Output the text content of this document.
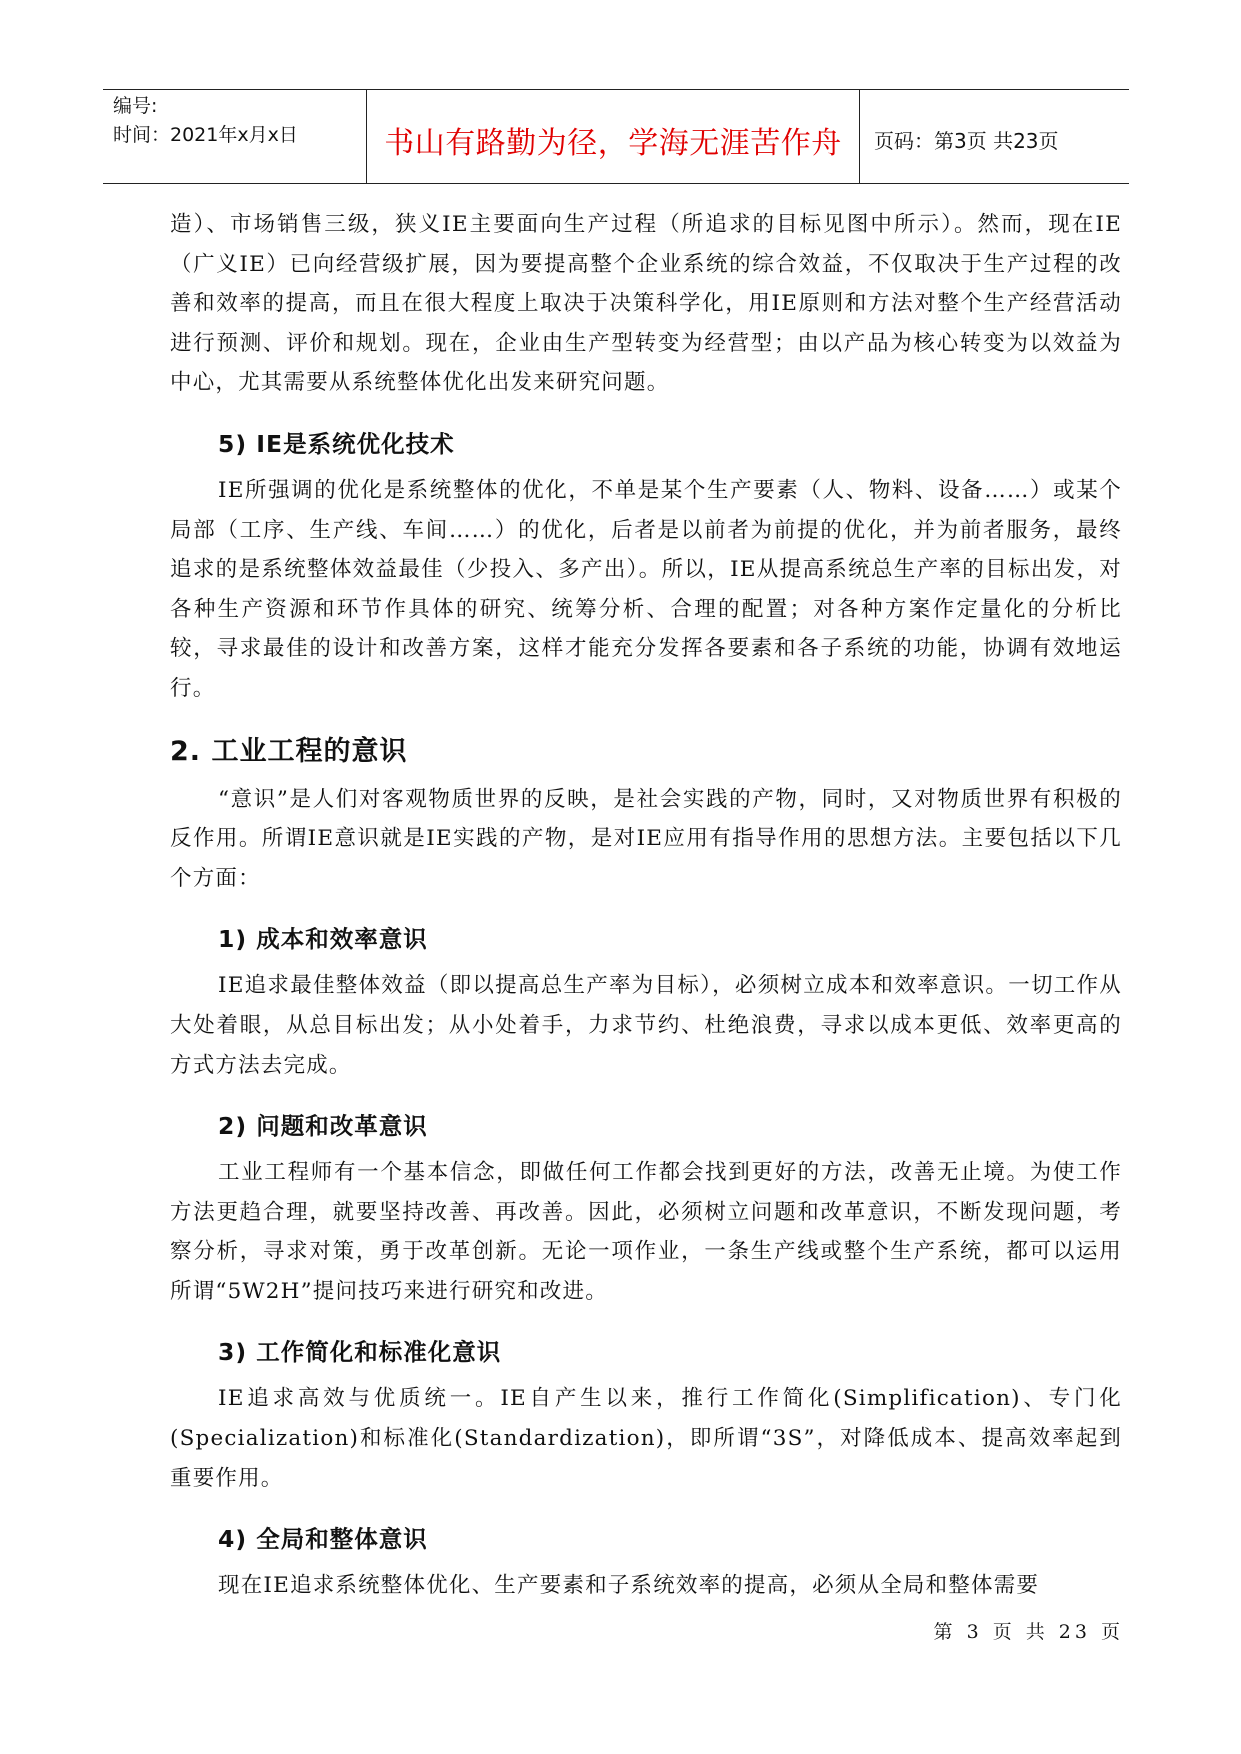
编号:
时间：2021年x月x日	书山有路勤为径，学海无涯苦作舟 页码：第3页 共23页

造）、市场销售三级，狭义IE主要面向生产过程（所追求的目标见图中所示）。然而，现在IE（广义IE）已向经营级扩展，因为要提高整个企业系统的综合效益，不仅取决于生产过程的改善和效率的提高，而且在很大程度上取决于决策科学化，用IE原则和方法对整个生产经营活动进行预测、评价和规划。现在，企业由生产型转变为经营型；由以产品为核心转变为以效益为中心，尤其需要从系统整体优化出发来研究问题。

5) IE是系统优化技术

IE所强调的优化是系统整体的优化，不单是某个生产要素（人、物料、设备……）或某个局部（工序、生产线、车间……）的优化，后者是以前者为前提的优化，并为前者服务，最终追求的是系统整体效益最佳（少投入、多产出）。所以，IE从提高系统总生产率的目标出发，对各种生产资源和环节作具体的研究、统筹分析、合理的配置；对各种方案作定量化的分析比较，寻求最佳的设计和改善方案，这样才能充分发挥各要素和各子系统的功能，协调有效地运行。

2. 工业工程的意识

“意识”是人们对客观物质世界的反映，是社会实践的产物，同时，又对物质世界有积极的反作用。所谓IE意识就是IE实践的产物，是对IE应用有指导作用的思想方法。主要包括以下几个方面：

1) 成本和效率意识

IE追求最佳整体效益（即以提高总生产率为目标），必须树立成本和效率意识。一切工作从大处着眼，从总目标出发；从小处着手，力求节约、杜绝浪费，寻求以成本更低、效率更高的方式方法去完成。

2) 问题和改革意识

工业工程师有一个基本信念，即做任何工作都会找到更好的方法，改善无止境。为使工作方法更趋合理，就要坚持改善、再改善。因此，必须树立问题和改革意识，不断发现问题，考察分析，寻求对策，勇于改革创新。无论一项作业，一条生产线或整个生产系统，都可以运用所谓“5W2H”提问技巧来进行研究和改进。

3) 工作简化和标准化意识

IE追求高效与优质统一。IE自产生以来，推行工作简化(Simplification)、专门化(Specialization)和标准化(Standardization)，即所谓“3S”，对降低成本、提高效率起到重要作用。

4) 全局和整体意识

现在IE追求系统整体优化、生产要素和子系统效率的提高，必须从全局和整体需要

第 3 页 共 23 页
